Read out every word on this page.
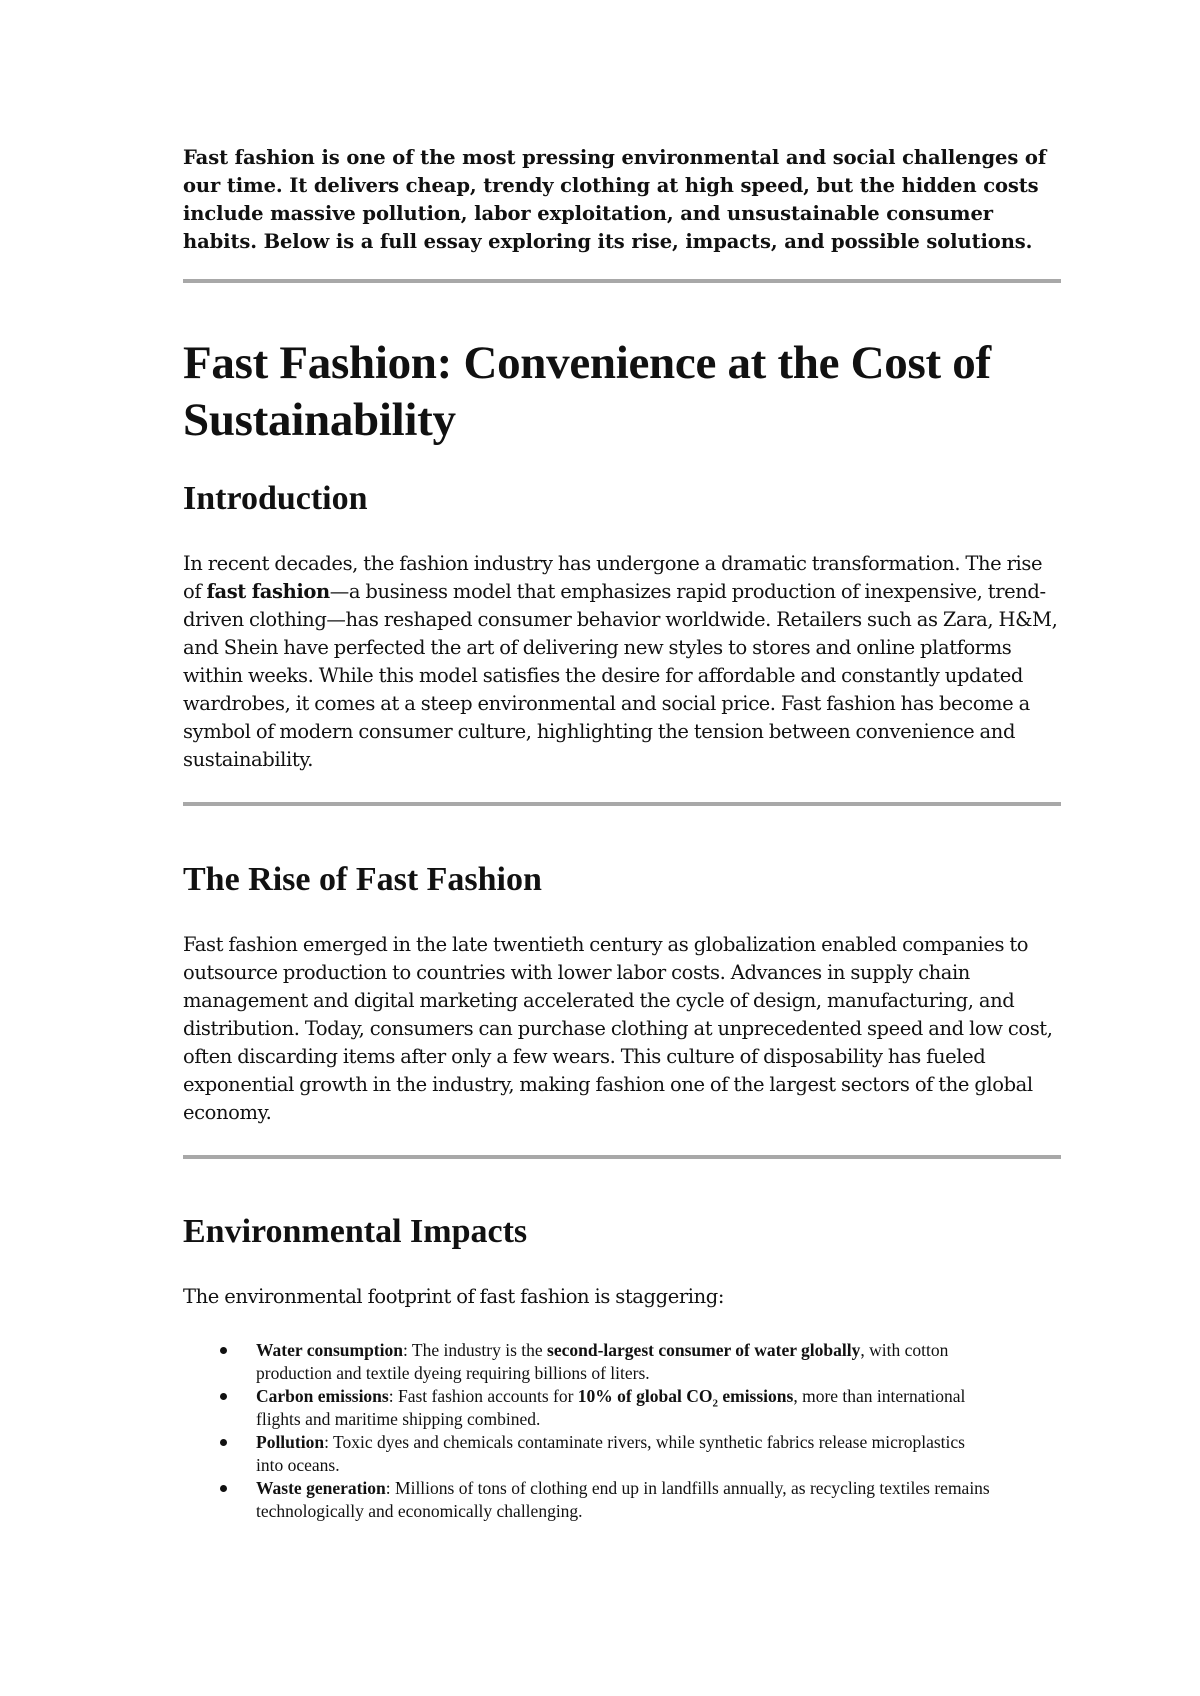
Fast fashion is one of the most pressing environmental and social challenges of our time. It delivers cheap, trendy clothing at high speed, but the hidden costs include massive pollution, labor exploitation, and unsustainable consumer habits. Below is a full essay exploring its rise, impacts, and possible solutions.

Fast Fashion: Convenience at the Cost of Sustainability
Introduction

In recent decades, the fashion industry has undergone a dramatic transformation. The rise of fast fashion—a business model that emphasizes rapid production of inexpensive, trend-driven clothing—has reshaped consumer behavior worldwide. Retailers such as Zara, H&M, and Shein have perfected the art of delivering new styles to stores and online platforms within weeks. While this model satisfies the desire for affordable and constantly updated wardrobes, it comes at a steep environmental and social price. Fast fashion has become a symbol of modern consumer culture, highlighting the tension between convenience and sustainability.

The Rise of Fast Fashion

Fast fashion emerged in the late twentieth century as globalization enabled companies to outsource production to countries with lower labor costs. Advances in supply chain management and digital marketing accelerated the cycle of design, manufacturing, and distribution. Today, consumers can purchase clothing at unprecedented speed and low cost, often discarding items after only a few wears. This culture of disposability has fueled exponential growth in the industry, making fashion one of the largest sectors of the global economy.

Environmental Impacts

The environmental footprint of fast fashion is staggering:

Water consumption: The industry is the second-largest consumer of water globally, with cotton production and textile dyeing requiring billions of liters.
Carbon emissions: Fast fashion accounts for 10% of global $CO_2$ emissions, more than international flights and maritime shipping combined.
Pollution: Toxic dyes and chemicals contaminate rivers, while synthetic fabrics release microplastics into oceans.
Waste generation: Millions of tons of clothing end up in landfills annually, as recycling textiles remains technologically and economically challenging.
